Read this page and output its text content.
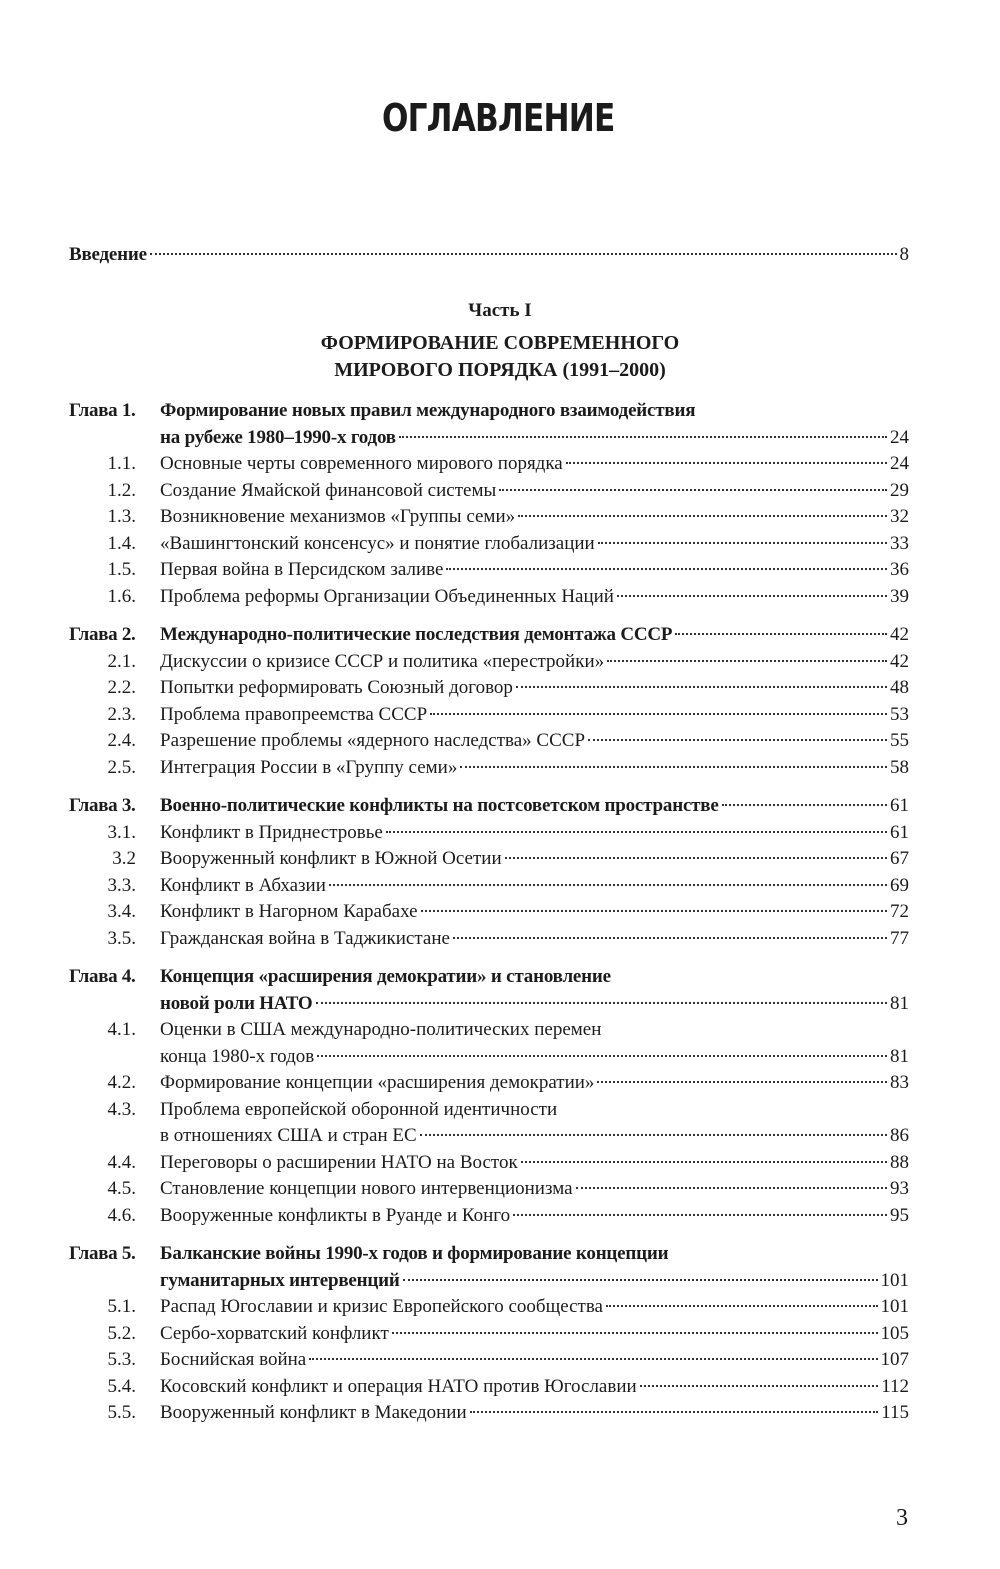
ОГЛАВЛЕНИЕ
Введение	8
Часть I
ФОРМИРОВАНИЕ СОВРЕМЕННОГО
МИРОВОГО ПОРЯДКА (1991–2000)
Глава 1. Формирование новых правил международного взаимодействия
на рубеже 1980–1990-х годов	24
1.1. Основные черты современного мирового порядка	24
1.2. Создание Ямайской финансовой системы	29
1.3. Возникновение механизмов «Группы семи»	32
1.4. «Вашингтонский консенсус» и понятие глобализации	33
1.5. Первая война в Персидском заливе	36
1.6. Проблема реформы Организации Объединенных Наций	39
Глава 2. Международно-политические последствия демонтажа СССР	42
2.1. Дискуссии о кризисе СССР и политика «перестройки»	42
2.2. Попытки реформировать Союзный договор	48
2.3. Проблема правопреемства СССР	53
2.4. Разрешение проблемы «ядерного наследства» СССР	55
2.5. Интеграция России в «Группу семи»	58
Глава 3. Военно-политические конфликты на постсоветском пространстве	61
3.1. Конфликт в Приднестровье	61
3.2 Вооруженный конфликт в Южной Осетии	67
3.3. Конфликт в Абхазии	69
3.4. Конфликт в Нагорном Карабахе	72
3.5. Гражданская война в Таджикистане	77
Глава 4. Концепция «расширения демократии» и становление
новой роли НАТО	81
4.1. Оценки в США международно-политических перемен
конца 1980-х годов	81
4.2. Формирование концепции «расширения демократии»	83
4.3. Проблема европейской оборонной идентичности
в отношениях США и стран ЕС	86
4.4. Переговоры о расширении НАТО на Восток	88
4.5. Становление концепции нового интервенционизма	93
4.6. Вооруженные конфликты в Руанде и Конго	95
Глава 5. Балканские войны 1990-х годов и формирование концепции
гуманитарных интервенций	101
5.1. Распад Югославии и кризис Европейского сообщества	101
5.2. Сербо-хорватский конфликт	105
5.3. Боснийская война	107
5.4. Косовский конфликт и операция НАТО против Югославии	112
5.5. Вооруженный конфликт в Македонии	115
3
